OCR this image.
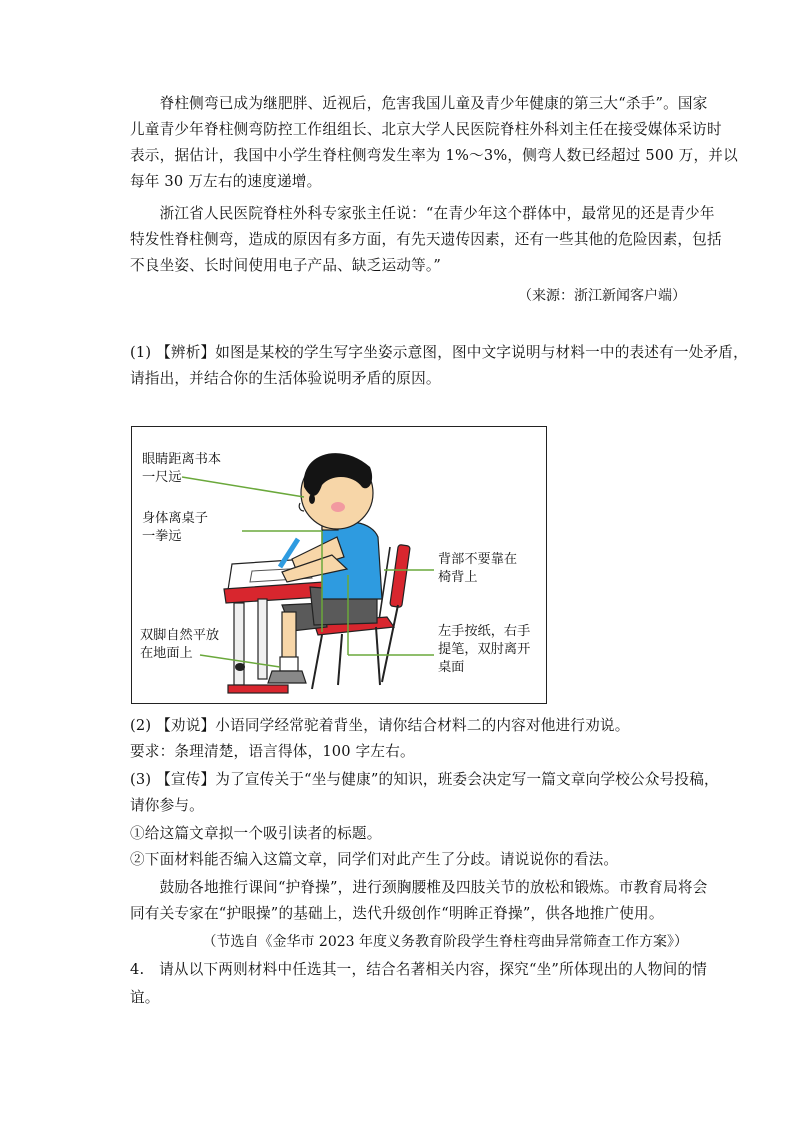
　　脊柱侧弯已成为继肥胖、近视后，危害我国儿童及青少年健康的第三大“杀手”。国家
儿童青少年脊柱侧弯防控工作组组长、北京大学人民医院脊柱外科刘主任在接受媒体采访时
表示，据估计，我国中小学生脊柱侧弯发生率为 1%～3%，侧弯人数已经超过 500 万，并以
每年 30 万左右的速度递增。
　　浙江省人民医院脊柱外科专家张主任说：“在青少年这个群体中，最常见的还是青少年
特发性脊柱侧弯，造成的原因有多方面，有先天遗传因素，还有一些其他的危险因素，包括
不良坐姿、长时间使用电子产品、缺乏运动等。”
（来源：浙江新闻客户端）
(1) 【辨析】如图是某校的学生写字坐姿示意图，图中文字说明与材料一中的表述有一处矛盾，
请指出，并结合你的生活体验说明矛盾的原因。
眼睛距离书本
一尺远
身体离桌子
一拳远
背部不要靠在
椅背上
左手按纸，右手
提笔，双肘离开
桌面
双脚自然平放
在地面上
(2) 【劝说】小语同学经常驼着背坐，请你结合材料二的内容对他进行劝说。
要求：条理清楚，语言得体，100 字左右。
(3) 【宣传】为了宣传关于“坐与健康”的知识，班委会决定写一篇文章向学校公众号投稿，
请你参与。
①给这篇文章拟一个吸引读者的标题。
②下面材料能否编入这篇文章，同学们对此产生了分歧。请说说你的看法。
　　鼓励各地推行课间“护脊操”，进行颈胸腰椎及四肢关节的放松和锻炼。市教育局将会
同有关专家在“护眼操”的基础上，迭代升级创作“明眸正脊操”，供各地推广使用。
（节选自《金华市 2023 年度义务教育阶段学生脊柱弯曲异常筛查工作方案》）
4.　请从以下两则材料中任选其一，结合名著相关内容，探究“坐”所体现出的人物间的情
谊。
